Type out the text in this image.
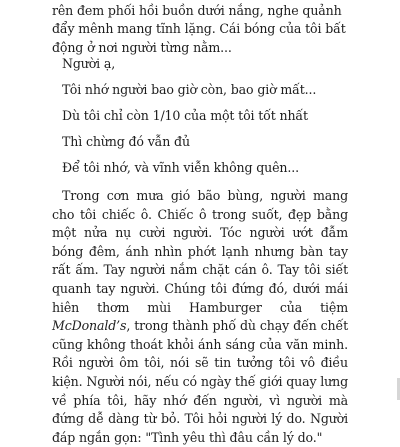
rên đem phối hồi buồn dưới nắng, nghe quảnh đẩy mênh mang tĩnh lặng. Cái bóng của tôi bất động ở nơi người từng nằm...

Người ạ,
Tôi nhớ người bao giờ còn, bao giờ mất...
Dù tôi chỉ còn 1/10 của một tôi tốt nhất
Thì chừng đó vẫn đủ
Để tôi nhớ, và vĩnh viễn không quên...

Trong cơn mưa gió bão bùng, người mang cho tôi chiếc ô. Chiếc ô trong suốt, đẹp bằng một nửa nụ cười người. Tóc người ướt đẫm bóng đêm, ánh nhìn phớt lạnh nhưng bàn tay rất ấm. Tay người nắm chặt cán ô. Tay tôi siết quanh tay người. Chúng tôi đứng đó, dưới mái hiên thơm mùi Hamburger của tiệm McDonald’s, trong thành phố dù chạy đến chết cũng không thoát khỏi ánh sáng của văn minh. Rồi người ôm tôi, nói sẽ tin tưởng tôi vô điều kiện. Người nói, nếu có ngày thế giới quay lưng về phía tôi, hãy nhớ đến người, vì người mà đứng dễ dàng từ bỏ. Tôi hỏi người lý do. Người đáp ngắn gọn: "Tình yêu thì đâu cần lý do."
